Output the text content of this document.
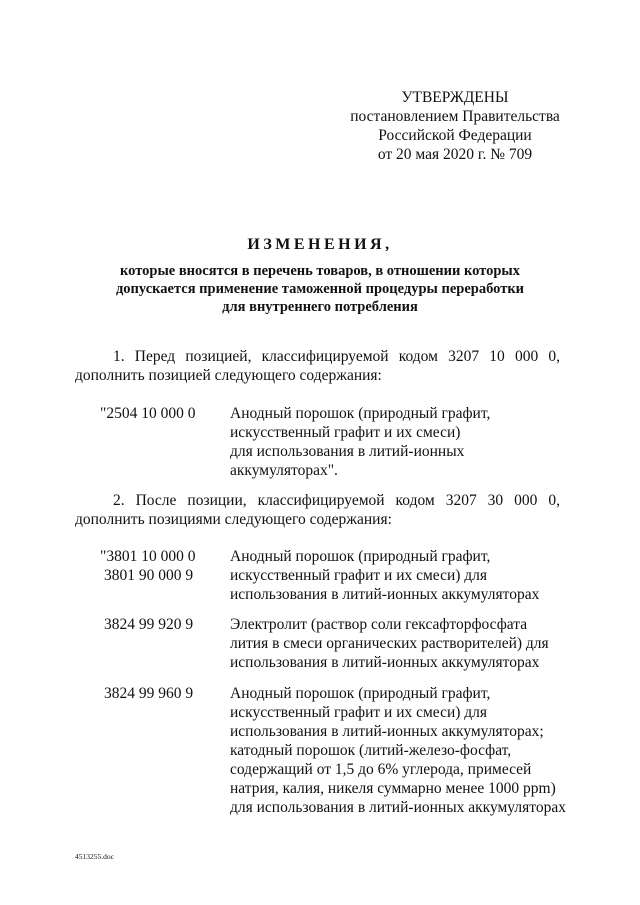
УТВЕРЖДЕНЫ
постановлением Правительства
Российской Федерации
от 20 мая 2020 г. № 709
ИЗМЕНЕНИЯ,
которые вносятся в перечень товаров, в отношении которых
допускается применение таможенной процедуры переработки
для внутреннего потребления
1. Перед позицией, классифицируемой кодом 3207 10 000 0,
дополнить позицией следующего содержания:
"2504 10 000 0 Анодный порошок (природный графит,
искусственный графит и их смеси)
для использования в литий-ионных
аккумуляторах".
2. После позиции, классифицируемой кодом 3207 30 000 0,
дополнить позициями следующего содержания:
"3801 10 000 0
3801 90 000 9
Анодный порошок (природный графит,
искусственный графит и их смеси) для
использования в литий-ионных аккумуляторах
3824 99 920 9 Электролит (раствор соли гексафторфосфата
лития в смеси органических растворителей) для
использования в литий-ионных аккумуляторах
3824 99 960 9 Анодный порошок (природный графит,
искусственный графит и их смеси) для
использования в литий-ионных аккумуляторах;
катодный порошок (литий-железо-фосфат,
содержащий от 1,5 до 6% углерода, примесей
натрия, калия, никеля суммарно менее 1000 ppm)
для использования в литий-ионных аккумуляторах
4513255.doc
